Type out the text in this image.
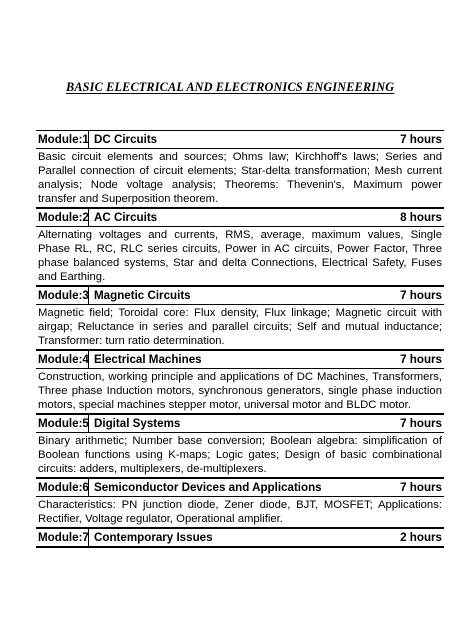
BASIC ELECTRICAL AND ELECTRONICS ENGINEERING
Module:1 DC Circuits	7 hours
Basic circuit elements and sources; Ohms law; Kirchhoff's laws; Series and Parallel connection of circuit elements; Star-delta transformation; Mesh current analysis; Node voltage analysis; Theorems: Thevenin's, Maximum power transfer and Superposition theorem.
Module:2 AC Circuits	8 hours
Alternating voltages and currents, RMS, average, maximum values, Single Phase RL, RC, RLC series circuits, Power in AC circuits, Power Factor, Three phase balanced systems, Star and delta Connections, Electrical Safety, Fuses and Earthing.
Module:3 Magnetic Circuits	7 hours
Magnetic field; Toroidal core: Flux density, Flux linkage; Magnetic circuit with airgap; Reluctance in series and parallel circuits; Self and mutual inductance; Transformer: turn ratio determination.
Module:4 Electrical Machines	7 hours
Construction, working principle and applications of DC Machines, Transformers, Three phase Induction motors, synchronous generators, single phase induction motors, special machines stepper motor, universal motor and BLDC motor.
Module:5 Digital Systems	7 hours
Binary arithmetic; Number base conversion; Boolean algebra: simplification of Boolean functions using K-maps; Logic gates; Design of basic combinational circuits: adders, multiplexers, de-multiplexers.
Module:6 Semiconductor Devices and Applications	7 hours
Characteristics: PN junction diode, Zener diode, BJT, MOSFET; Applications: Rectifier, Voltage regulator, Operational amplifier.
Module:7 Contemporary Issues	2 hours
